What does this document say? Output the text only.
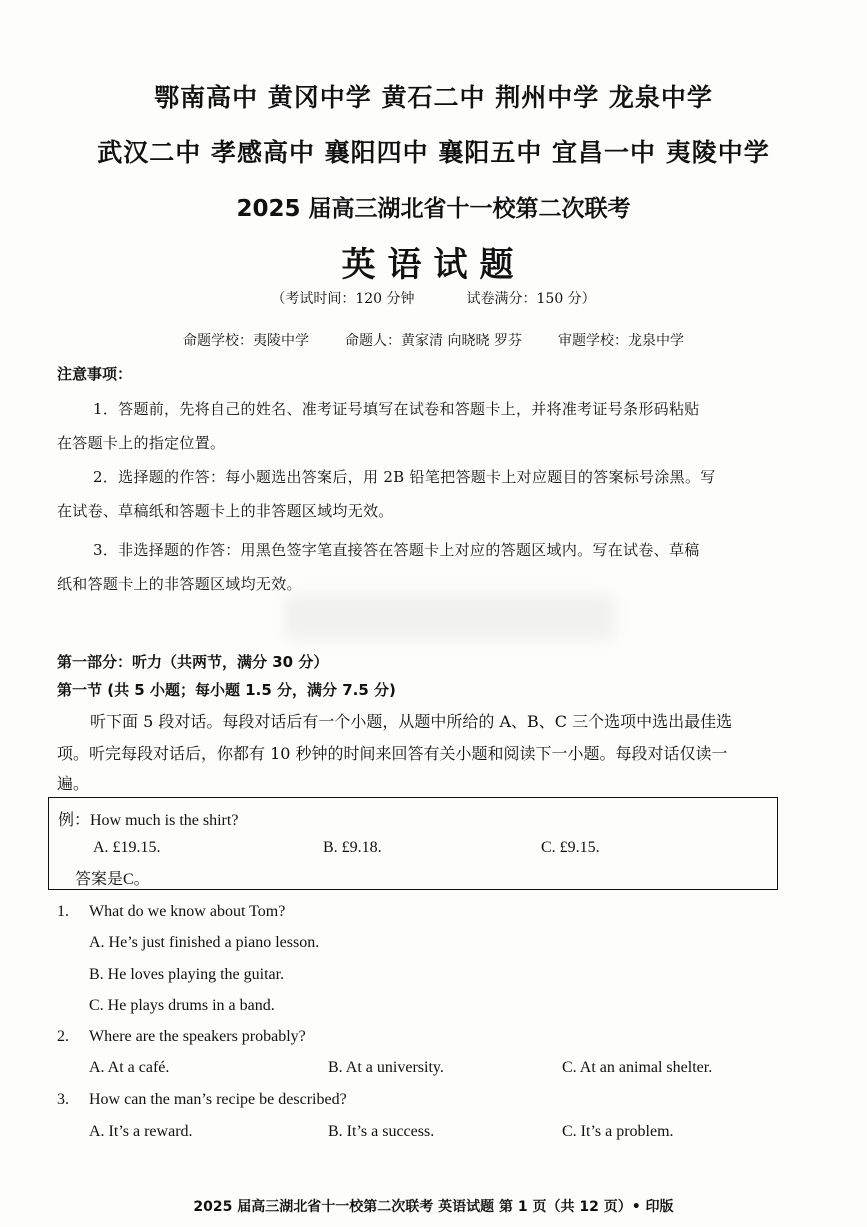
鄂南高中 黄冈中学 黄石二中 荆州中学 龙泉中学
武汉二中 孝感高中 襄阳四中 襄阳五中 宜昌一中 夷陵中学
2025 届高三湖北省十一校第二次联考
英语试题
（考试时间：120 分钟	试卷满分：150 分）
命题学校：夷陵中学	命题人：黄家清 向晓晓 罗芬	审题学校：龙泉中学
注意事项：
1．答题前，先将自己的姓名、准考证号填写在试卷和答题卡上，并将准考证号条形码粘贴
在答题卡上的指定位置。
2．选择题的作答：每小题选出答案后，用 2B 铅笔把答题卡上对应题目的答案标号涂黑。写
在试卷、草稿纸和答题卡上的非答题区域均无效。
3．非选择题的作答：用黑色签字笔直接答在答题卡上对应的答题区域内。写在试卷、草稿
纸和答题卡上的非答题区域均无效。
第一部分：听力（共两节，满分 30 分）
第一节 (共 5 小题；每小题 1.5 分，满分 7.5 分)
听下面 5 段对话。每段对话后有一个小题，从题中所给的 A、B、C 三个选项中选出最佳选
项。听完每段对话后，你都有 10 秒钟的时间来回答有关小题和阅读下一小题。每段对话仅读一
遍。
例：How much is the shirt?
A. £19.15.	B. £9.18.	C. £9.15.
答案是C。
1. What do we know about Tom?
A. He’s just finished a piano lesson.
B. He loves playing the guitar.
C. He plays drums in a band.
2. Where are the speakers probably?
A. At a café.	B. At a university.	C. At an animal shelter.
3. How can the man’s recipe be described?
A. It’s a reward.	B. It’s a success.	C. It’s a problem.
2025 届高三湖北省十一校第二次联考 英语试题 第 1 页（共 12 页）• 印版
